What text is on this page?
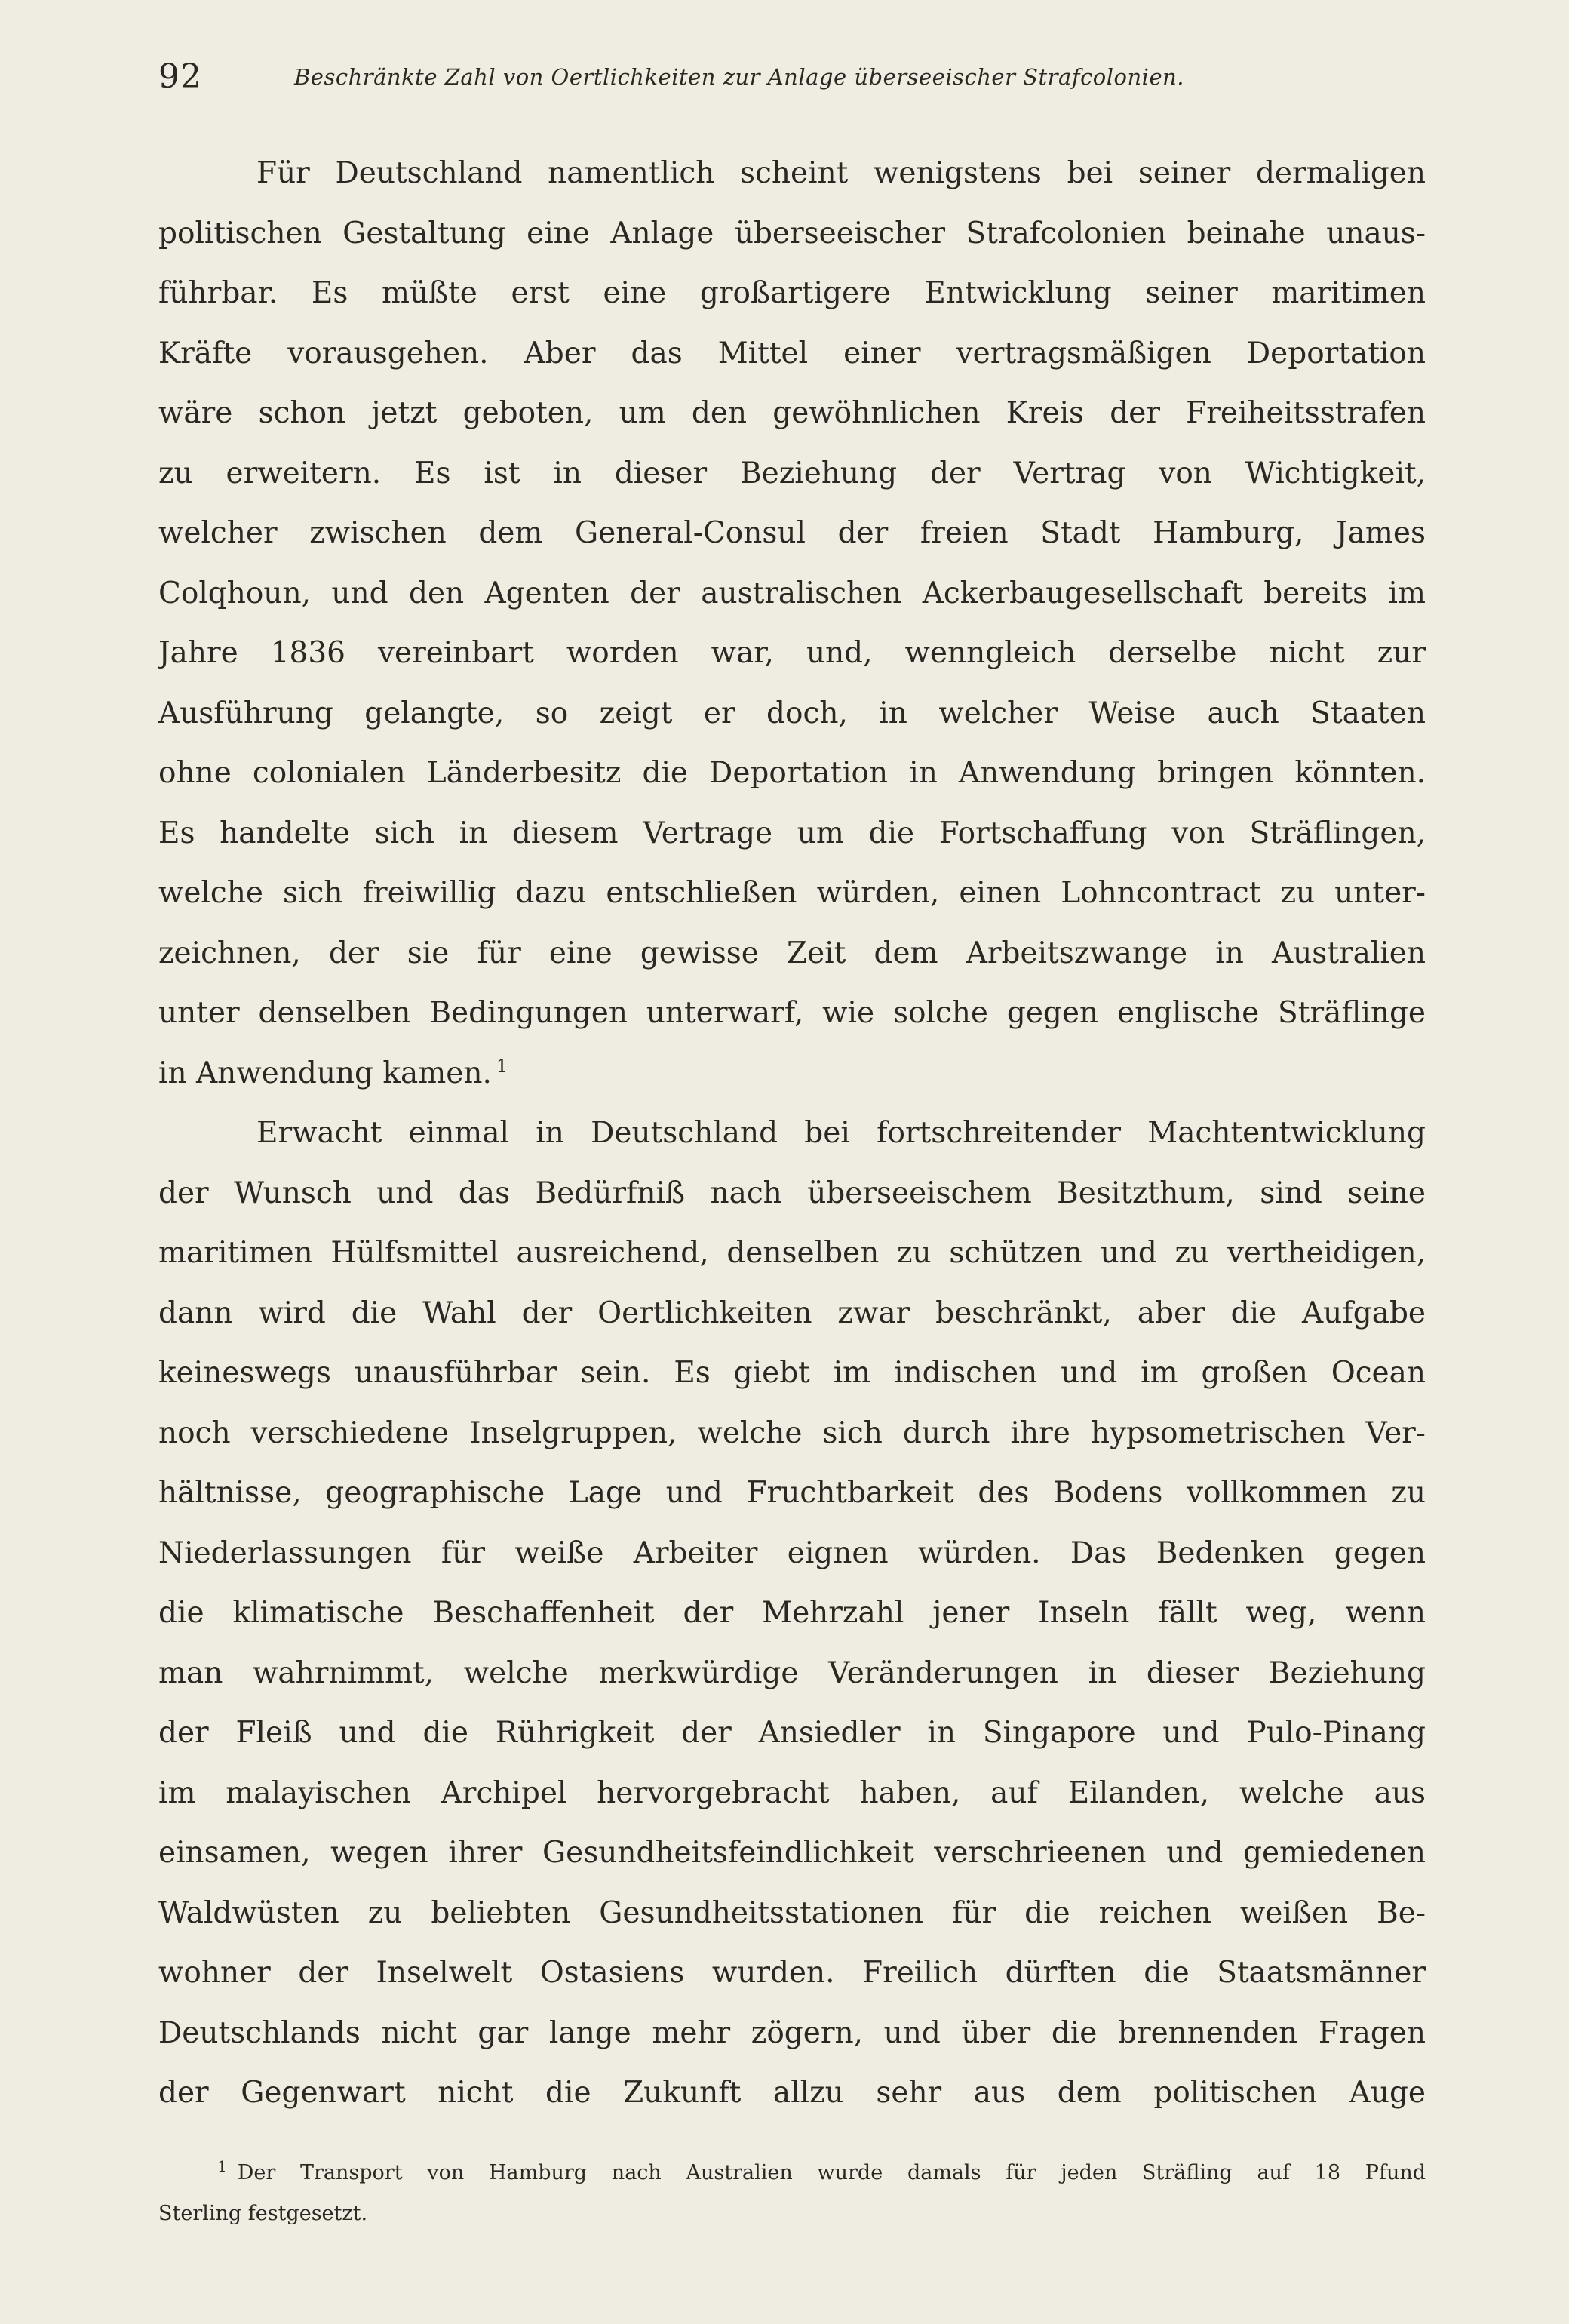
92	Beschränkte Zahl von Oertlichkeiten zur Anlage überseeischer Strafcolonien.
Für Deutschland namentlich scheint wenigstens bei seiner dermaligen
politischen Gestaltung eine Anlage überseeischer Strafcolonien beinahe unaus-
führbar. Es müßte erst eine großartigere Entwicklung seiner maritimen
Kräfte vorausgehen. Aber das Mittel einer vertragsmäßigen Deportation
wäre schon jetzt geboten, um den gewöhnlichen Kreis der Freiheitsstrafen
zu erweitern. Es ist in dieser Beziehung der Vertrag von Wichtigkeit,
welcher zwischen dem General-Consul der freien Stadt Hamburg, James
Colqhoun, und den Agenten der australischen Ackerbaugesellschaft bereits im
Jahre 1836 vereinbart worden war, und, wenngleich derselbe nicht zur
Ausführung gelangte, so zeigt er doch, in welcher Weise auch Staaten
ohne colonialen Länderbesitz die Deportation in Anwendung bringen könnten.
Es handelte sich in diesem Vertrage um die Fortschaffung von Sträflingen,
welche sich freiwillig dazu entschließen würden, einen Lohncontract zu unter-
zeichnen, der sie für eine gewisse Zeit dem Arbeitszwange in Australien
unter denselben Bedingungen unterwarf, wie solche gegen englische Sträflinge
in Anwendung kamen. $^1$
Erwacht einmal in Deutschland bei fortschreitender Machtentwicklung
der Wunsch und das Bedürfniß nach überseeischem Besitzthum, sind seine
maritimen Hülfsmittel ausreichend, denselben zu schützen und zu vertheidigen,
dann wird die Wahl der Oertlichkeiten zwar beschränkt, aber die Aufgabe
keineswegs unausführbar sein. Es giebt im indischen und im großen Ocean
noch verschiedene Inselgruppen, welche sich durch ihre hypsometrischen Ver-
hältnisse, geographische Lage und Fruchtbarkeit des Bodens vollkommen zu
Niederlassungen für weiße Arbeiter eignen würden. Das Bedenken gegen
die klimatische Beschaffenheit der Mehrzahl jener Inseln fällt weg, wenn
man wahrnimmt, welche merkwürdige Veränderungen in dieser Beziehung
der Fleiß und die Rührigkeit der Ansiedler in Singapore und Pulo-Pinang
im malayischen Archipel hervorgebracht haben, auf Eilanden, welche aus
einsamen, wegen ihrer Gesundheitsfeindlichkeit verschrieenen und gemiedenen
Waldwüsten zu beliebten Gesundheitsstationen für die reichen weißen Be-
wohner der Inselwelt Ostasiens wurden. Freilich dürften die Staatsmänner
Deutschlands nicht gar lange mehr zögern, und über die brennenden Fragen
der Gegenwart nicht die Zukunft allzu sehr aus dem politischen Auge
$^1$ Der Transport von Hamburg nach Australien wurde damals für jeden Sträfling auf 18 Pfund
Sterling festgesetzt.
